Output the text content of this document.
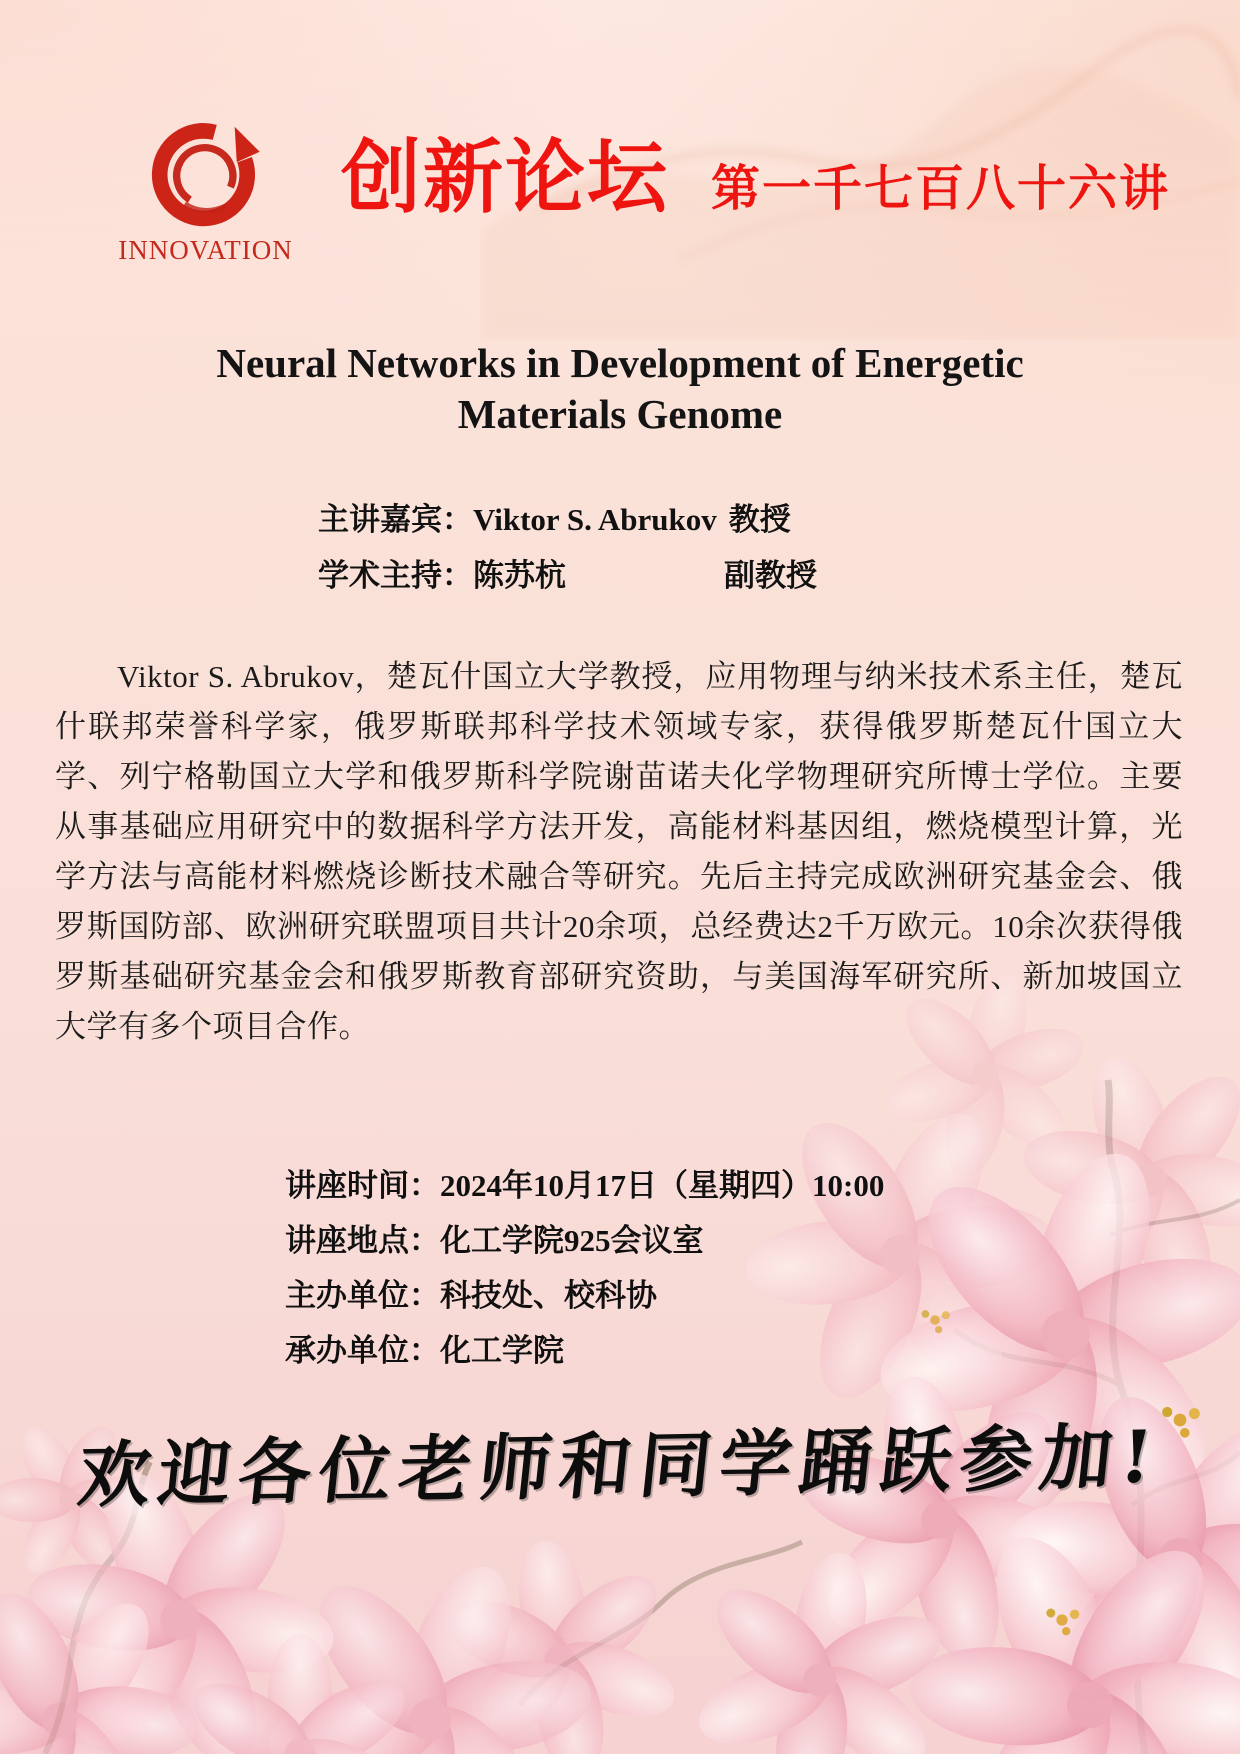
INNOVATION
创新论坛 第一千七百八十六讲
Neural Networks in Development of Energetic
Materials Genome
主讲嘉宾：Viktor S. Abrukov 教授
学术主持：陈苏杭	副教授

Viktor S. Abrukov，楚瓦什国立大学教授，应用物理与纳米技术系主任，楚瓦什联邦荣誉科学家，俄罗斯联邦科学技术领域专家，获得俄罗斯楚瓦什国立大学、列宁格勒国立大学和俄罗斯科学院谢苗诺夫化学物理研究所博士学位。主要从事基础应用研究中的数据科学方法开发，高能材料基因组，燃烧模型计算，光学方法与高能材料燃烧诊断技术融合等研究。先后主持完成欧洲研究基金会、俄罗斯国防部、欧洲研究联盟项目共计20余项，总经费达2千万欧元。10余次获得俄罗斯基础研究基金会和俄罗斯教育部研究资助，与美国海军研究所、新加坡国立大学有多个项目合作。

讲座时间：2024年10月17日（星期四）10:00
讲座地点：化工学院925会议室
主办单位：科技处、校科协
承办单位：化工学院
欢迎各位老师和同学踊跃参加!
